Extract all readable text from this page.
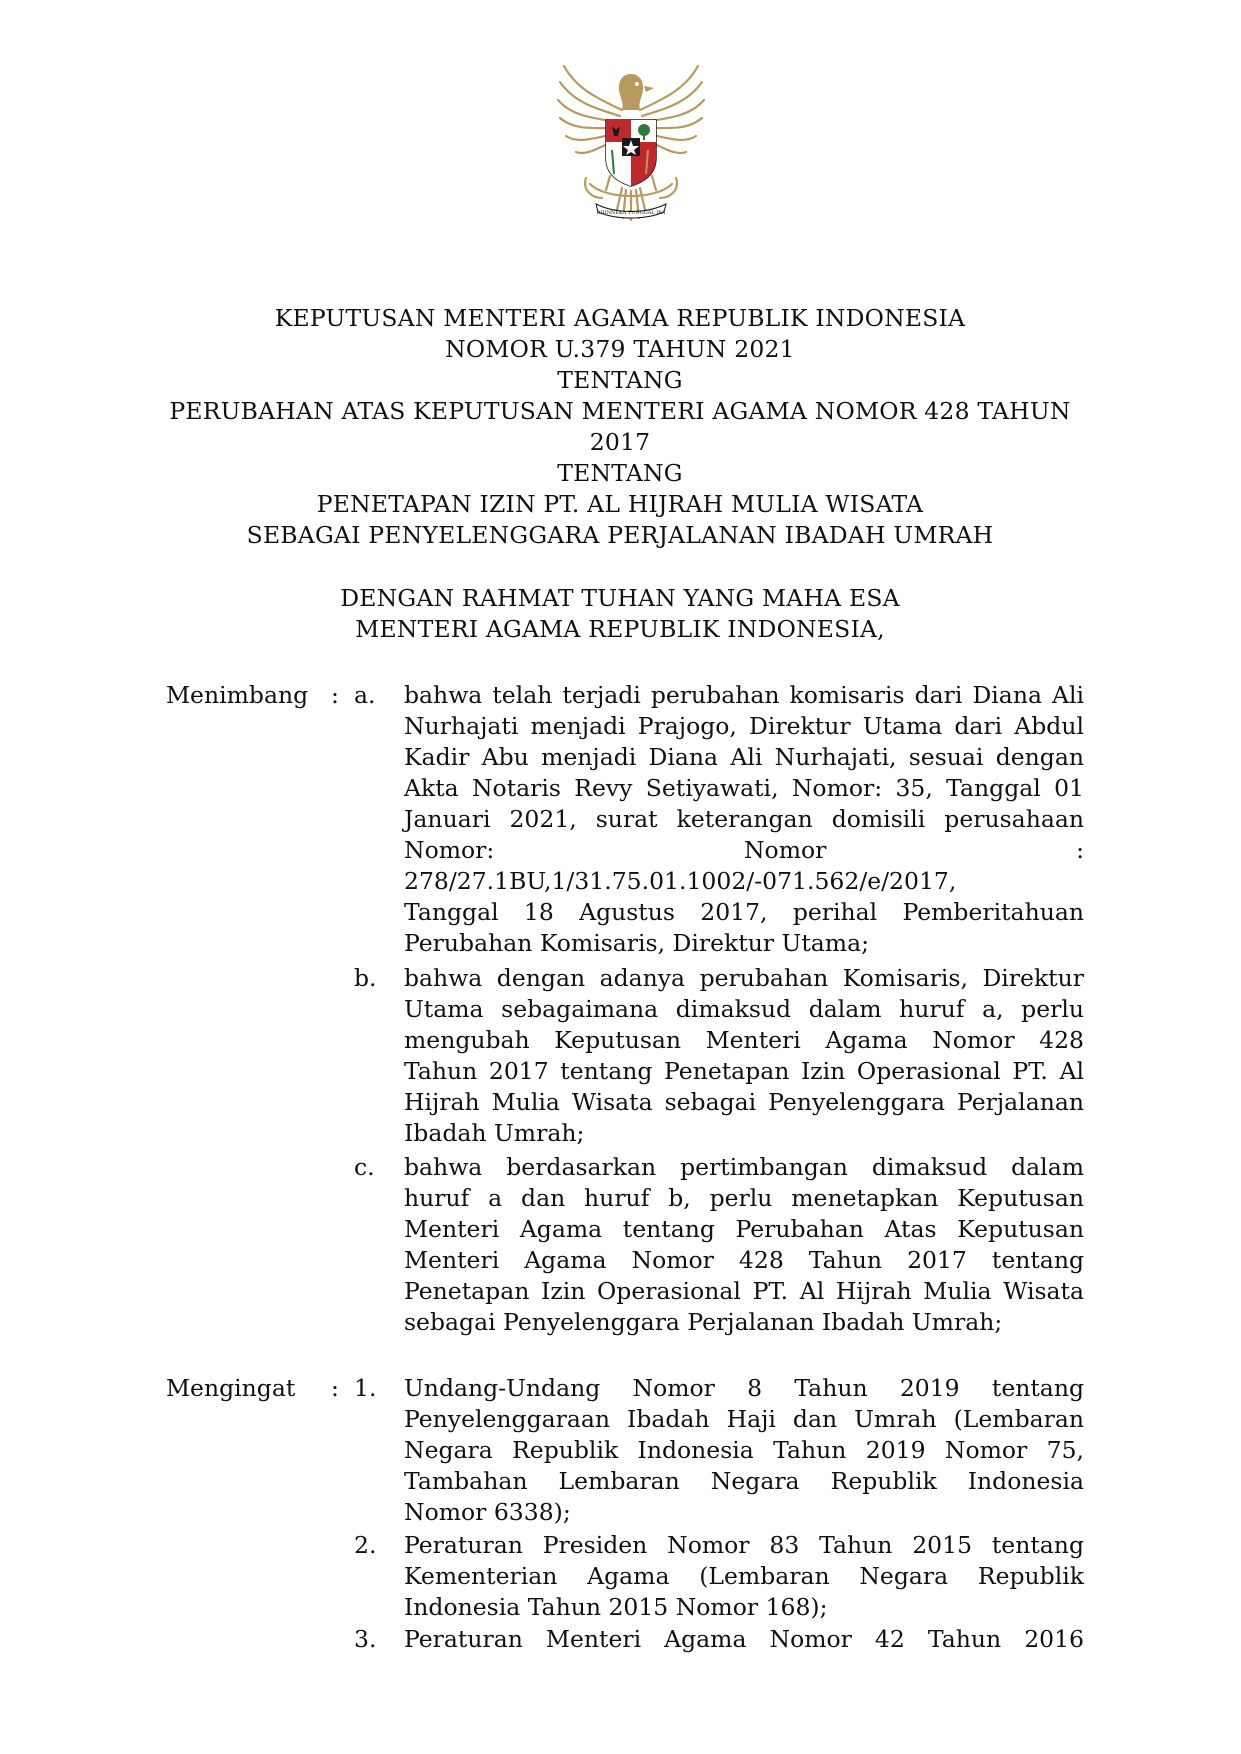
BHINNEKA TUNGGAL IKA
KEPUTUSAN MENTERI AGAMA REPUBLIK INDONESIA
NOMOR U.379 TAHUN 2021
TENTANG
PERUBAHAN ATAS KEPUTUSAN MENTERI AGAMA NOMOR 428 TAHUN
2017
TENTANG
PENETAPAN IZIN PT. AL HIJRAH MULIA WISATA
SEBAGAI PENYELENGGARA PERJALANAN IBADAH UMRAH
DENGAN RAHMAT TUHAN YANG MAHA ESA
MENTERI AGAMA REPUBLIK INDONESIA,
Menimbang : a.	bahwa telah terjadi perubahan komisaris dari Diana Ali
Nurhajati menjadi Prajogo, Direktur Utama dari Abdul
Kadir Abu menjadi Diana Ali Nurhajati, sesuai dengan
Akta Notaris Revy Setiyawati, Nomor: 35, Tanggal 01
Januari 2021, surat keterangan domisili perusahaan
Nomor: Nomor :
278/27.1BU,1/31.75.01.1002/-071.562/e/2017,
Tanggal 18 Agustus 2017, perihal Pemberitahuan
Perubahan Komisaris, Direktur Utama;
b.	bahwa dengan adanya perubahan Komisaris, Direktur
Utama sebagaimana dimaksud dalam huruf a, perlu
mengubah Keputusan Menteri Agama Nomor 428
Tahun 2017 tentang Penetapan Izin Operasional PT. Al
Hijrah Mulia Wisata sebagai Penyelenggara Perjalanan
Ibadah Umrah;
c.	bahwa berdasarkan pertimbangan dimaksud dalam
huruf a dan huruf b, perlu menetapkan Keputusan
Menteri Agama tentang Perubahan Atas Keputusan
Menteri Agama Nomor 428 Tahun 2017 tentang
Penetapan Izin Operasional PT. Al Hijrah Mulia Wisata
sebagai Penyelenggara Perjalanan Ibadah Umrah;
Mengingat : 1.	Undang-Undang Nomor 8 Tahun 2019 tentang
Penyelenggaraan Ibadah Haji dan Umrah (Lembaran
Negara Republik Indonesia Tahun 2019 Nomor 75,
Tambahan Lembaran Negara Republik Indonesia
Nomor 6338);
2.	Peraturan Presiden Nomor 83 Tahun 2015 tentang
Kementerian Agama (Lembaran Negara Republik
Indonesia Tahun 2015 Nomor 168);
3.	Peraturan Menteri Agama Nomor 42 Tahun 2016
